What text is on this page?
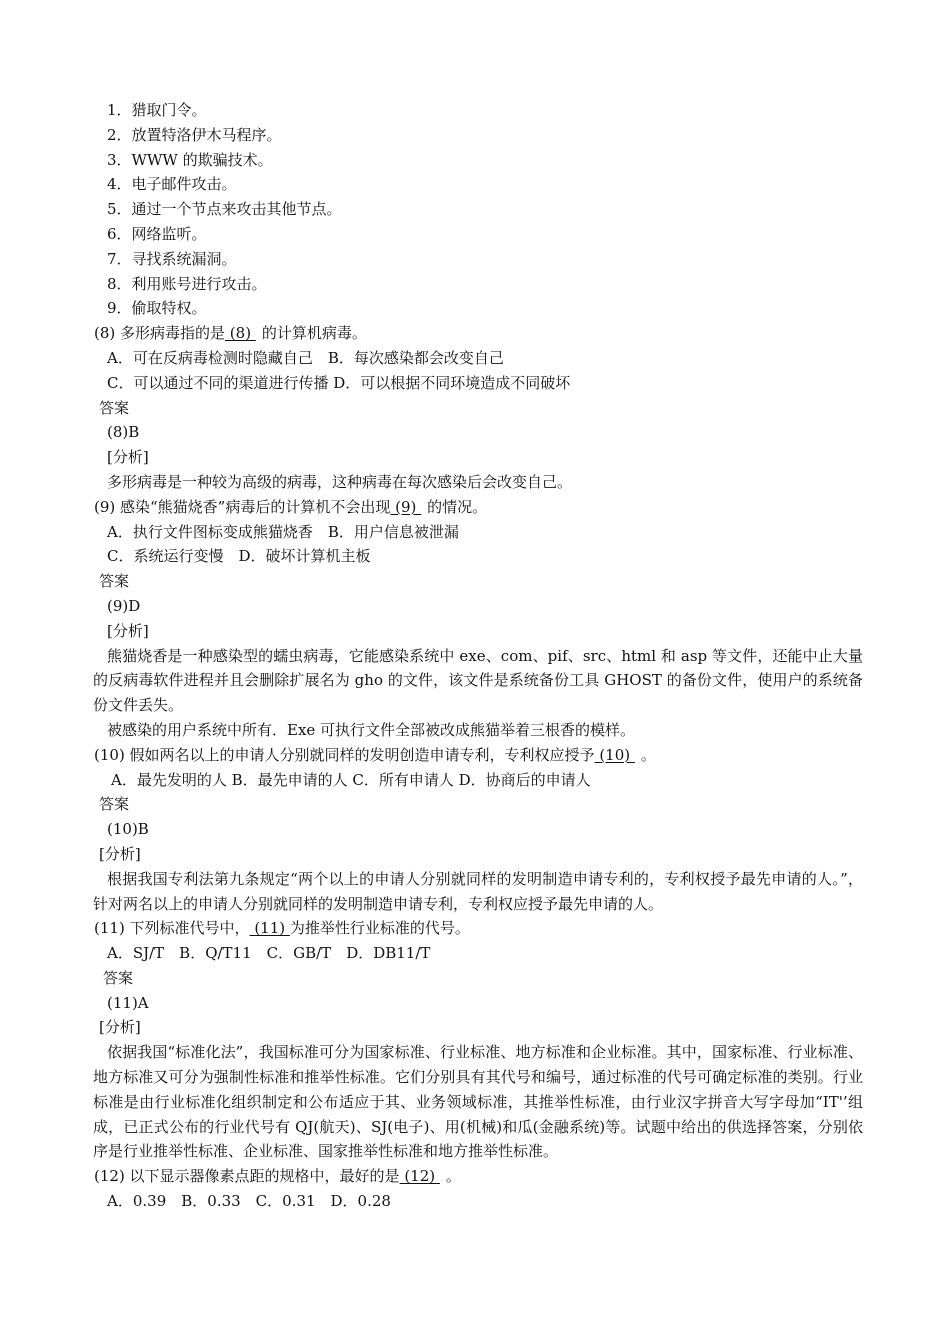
1．猎取门令。
2．放置特洛伊木马程序。
3．WWW 的欺骗技术。
4．电子邮件攻击。
5．通过一个节点来攻击其他节点。
6．网络监听。
7．寻找系统漏洞。
8．利用账号进行攻击。
9．偷取特权。
(8) 多形病毒指的是 (8) 的计算机病毒。
A．可在反病毒检测时隐藏自己　B．每次感染都会改变自己
C．可以通过不同的渠道进行传播 D．可以根据不同环境造成不同破坏
答案
(8)B
[分析]
多形病毒是一种较为高级的病毒，这种病毒在每次感染后会改变自己。
(9) 感染“熊猫烧香”病毒后的计算机不会出现 (9) 的情况。
A．执行文件图标变成熊猫烧香　B．用户信息被泄漏
C．系统运行变慢　D．破坏计算机主板
答案
(9)D
[分析]
熊猫烧香是一种感染型的蠕虫病毒，它能感染系统中 exe、com、pif、src、html 和 asp 等文件，还能中止大量的反病毒软件进程并且会删除扩展名为 gho 的文件，该文件是系统备份工具 GHOST 的备份文件，使用户的系统备份文件丢失。
被感染的用户系统中所有．Exe 可执行文件全部被改成熊猫举着三根香的模样。
(10) 假如两名以上的申请人分别就同样的发明创造申请专利，专利权应授予 (10) 。
A．最先发明的人 B．最先申请的人 C．所有申请人 D．协商后的申请人
答案
(10)B
[分析]
根据我国专利法第九条规定“两个以上的申请人分别就同样的发明制造申请专利的，专利权授予最先申请的人。”，针对两名以上的申请人分别就同样的发明制造申请专利，专利权应授予最先申请的人。
(11) 下列标准代号中， (11) 为推举性行业标准的代号。
A．SJ/T　B．Q/T11　C．GB/T　D．DB11/T
答案
(11)A
[分析]
依据我国“标准化法”，我国标准可分为国家标准、行业标准、地方标准和企业标准。其中，国家标准、行业标准、地方标准又可分为强制性标准和推举性标准。它们分别具有其代号和编号，通过标准的代号可确定标准的类别。行业标准是由行业标准化组织制定和公布适应于其、业务领域标准，其推举性标准，由行业汉字拼音大写字母加“IT'’组成，已正式公布的行业代号有 QJ(航天)、SJ(电子)、用(机械)和瓜(金融系统)等。试题中给出的供选择答案，分别依序是行业推举性标准、企业标准、国家推举性标准和地方推举性标准。
(12) 以下显示器像素点距的规格中，最好的是 (12) 。
A．0.39　B．0.33　C．0.31　D．0.28
